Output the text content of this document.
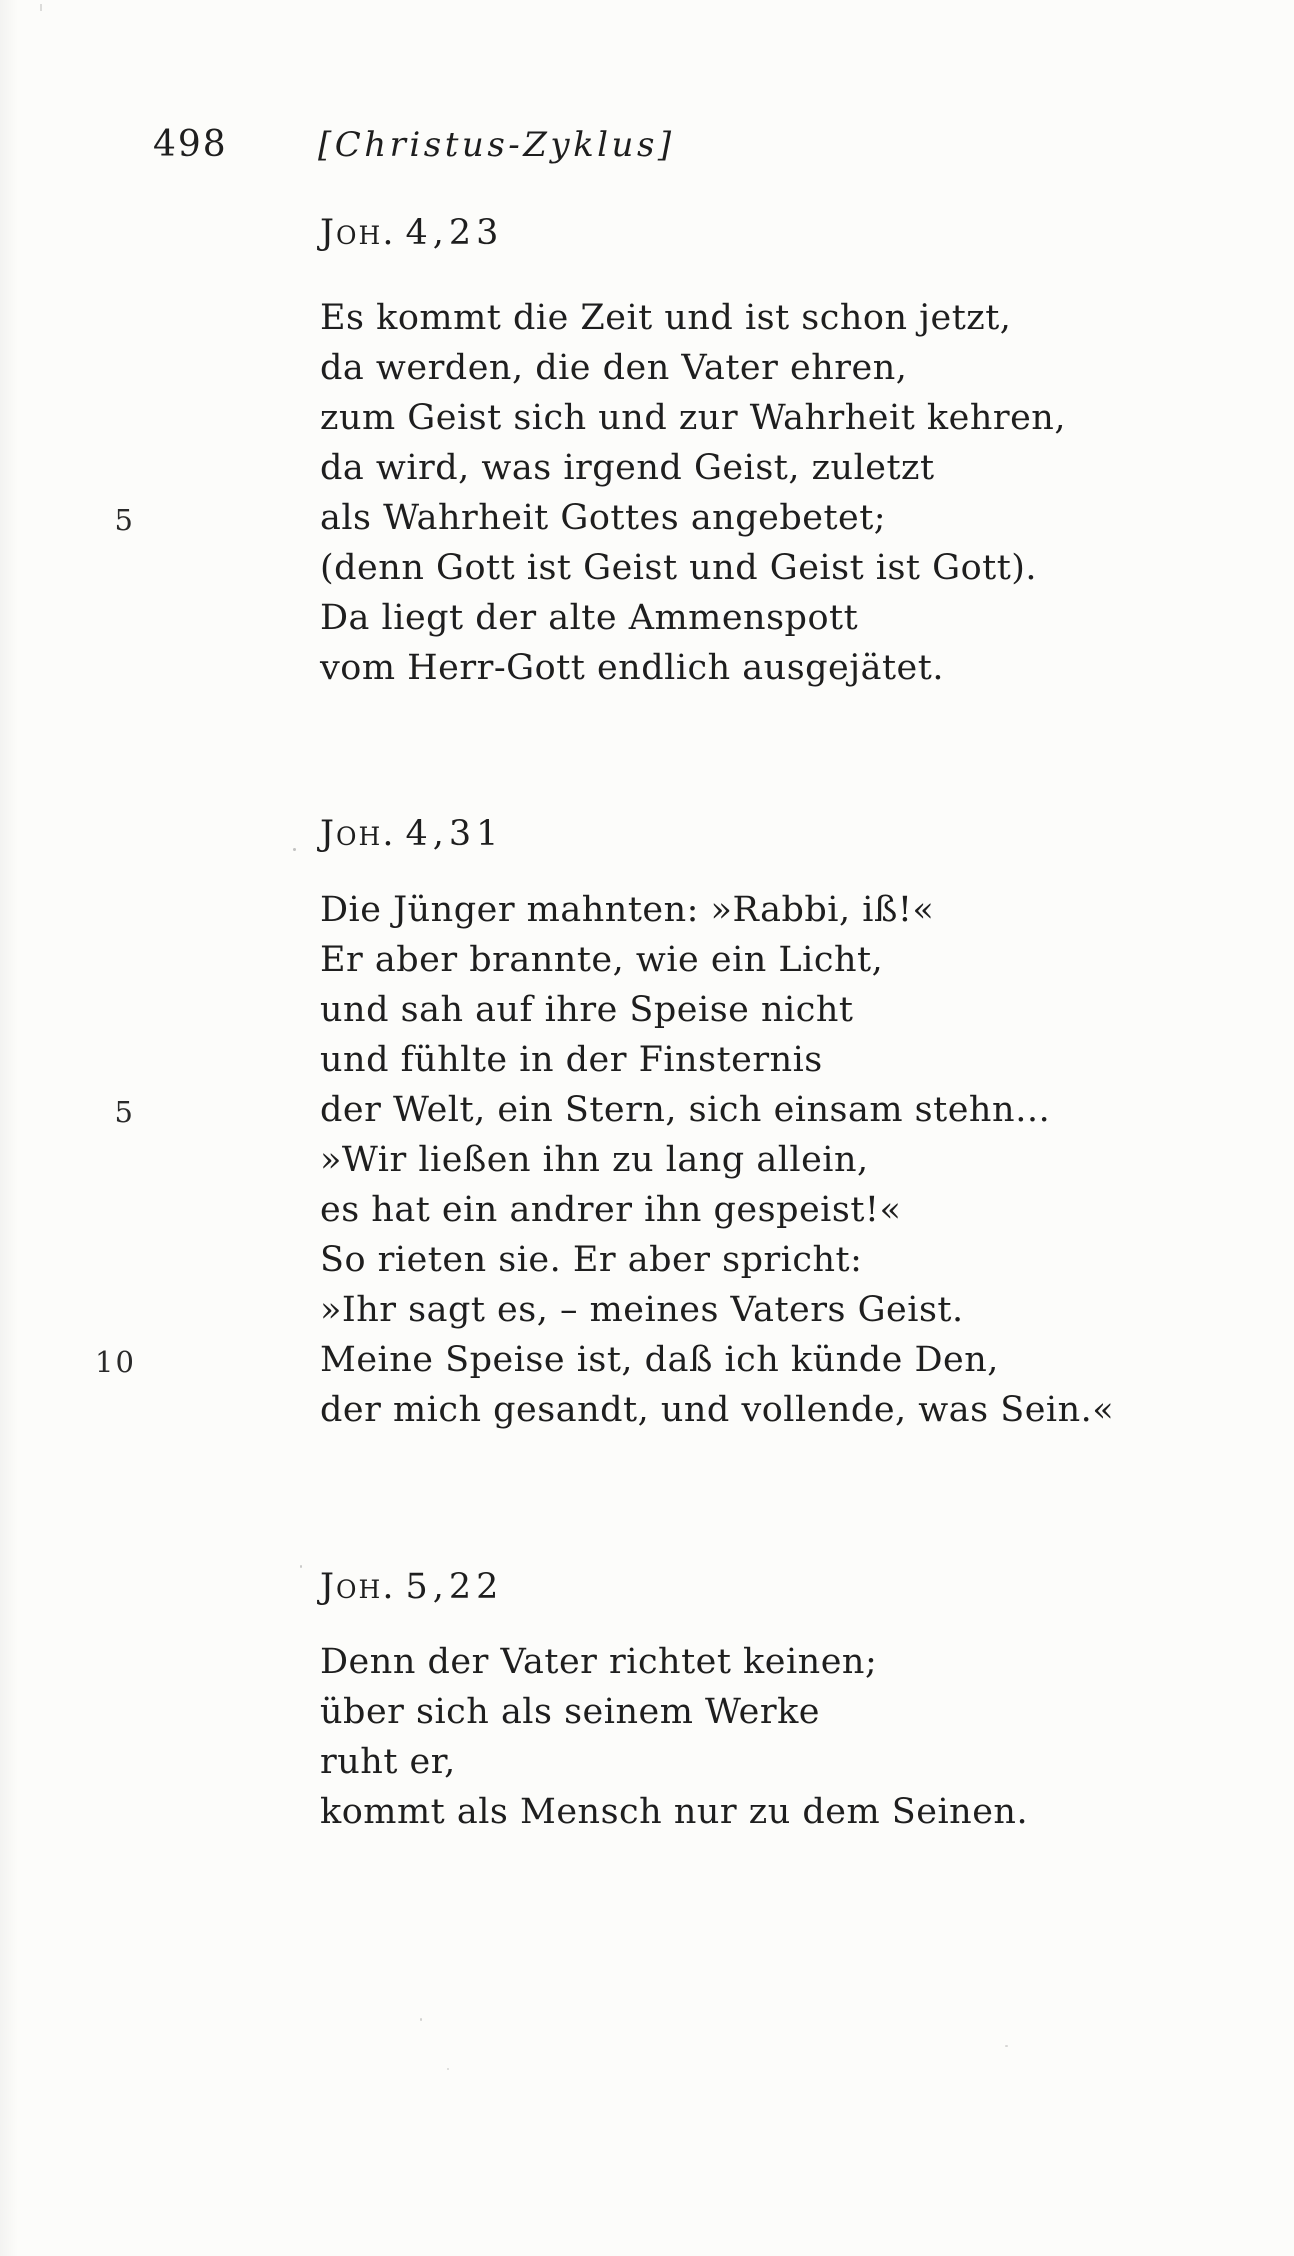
498	[Christus-Zyklus]
Joh. 4,23
Es kommt die Zeit und ist schon jetzt,
da werden, die den Vater ehren,
zum Geist sich und zur Wahrheit kehren,
da wird, was irgend Geist, zuletzt
5	als Wahrheit Gottes angebetet;
(denn Gott ist Geist und Geist ist Gott).
Da liegt der alte Ammenspott
vom Herr-Gott endlich ausgejätet.
Joh. 4,31
Die Jünger mahnten: »Rabbi, iß!«
Er aber brannte, wie ein Licht,
und sah auf ihre Speise nicht
und fühlte in der Finsternis
5	der Welt, ein Stern, sich einsam stehn…
»Wir ließen ihn zu lang allein,
es hat ein andrer ihn gespeist!«
So rieten sie. Er aber spricht:
»Ihr sagt es, – meines Vaters Geist.
10	Meine Speise ist, daß ich künde Den,
der mich gesandt, und vollende, was Sein.«
Joh. 5,22
Denn der Vater richtet keinen;
über sich als seinem Werke
ruht er,
kommt als Mensch nur zu dem Seinen.
